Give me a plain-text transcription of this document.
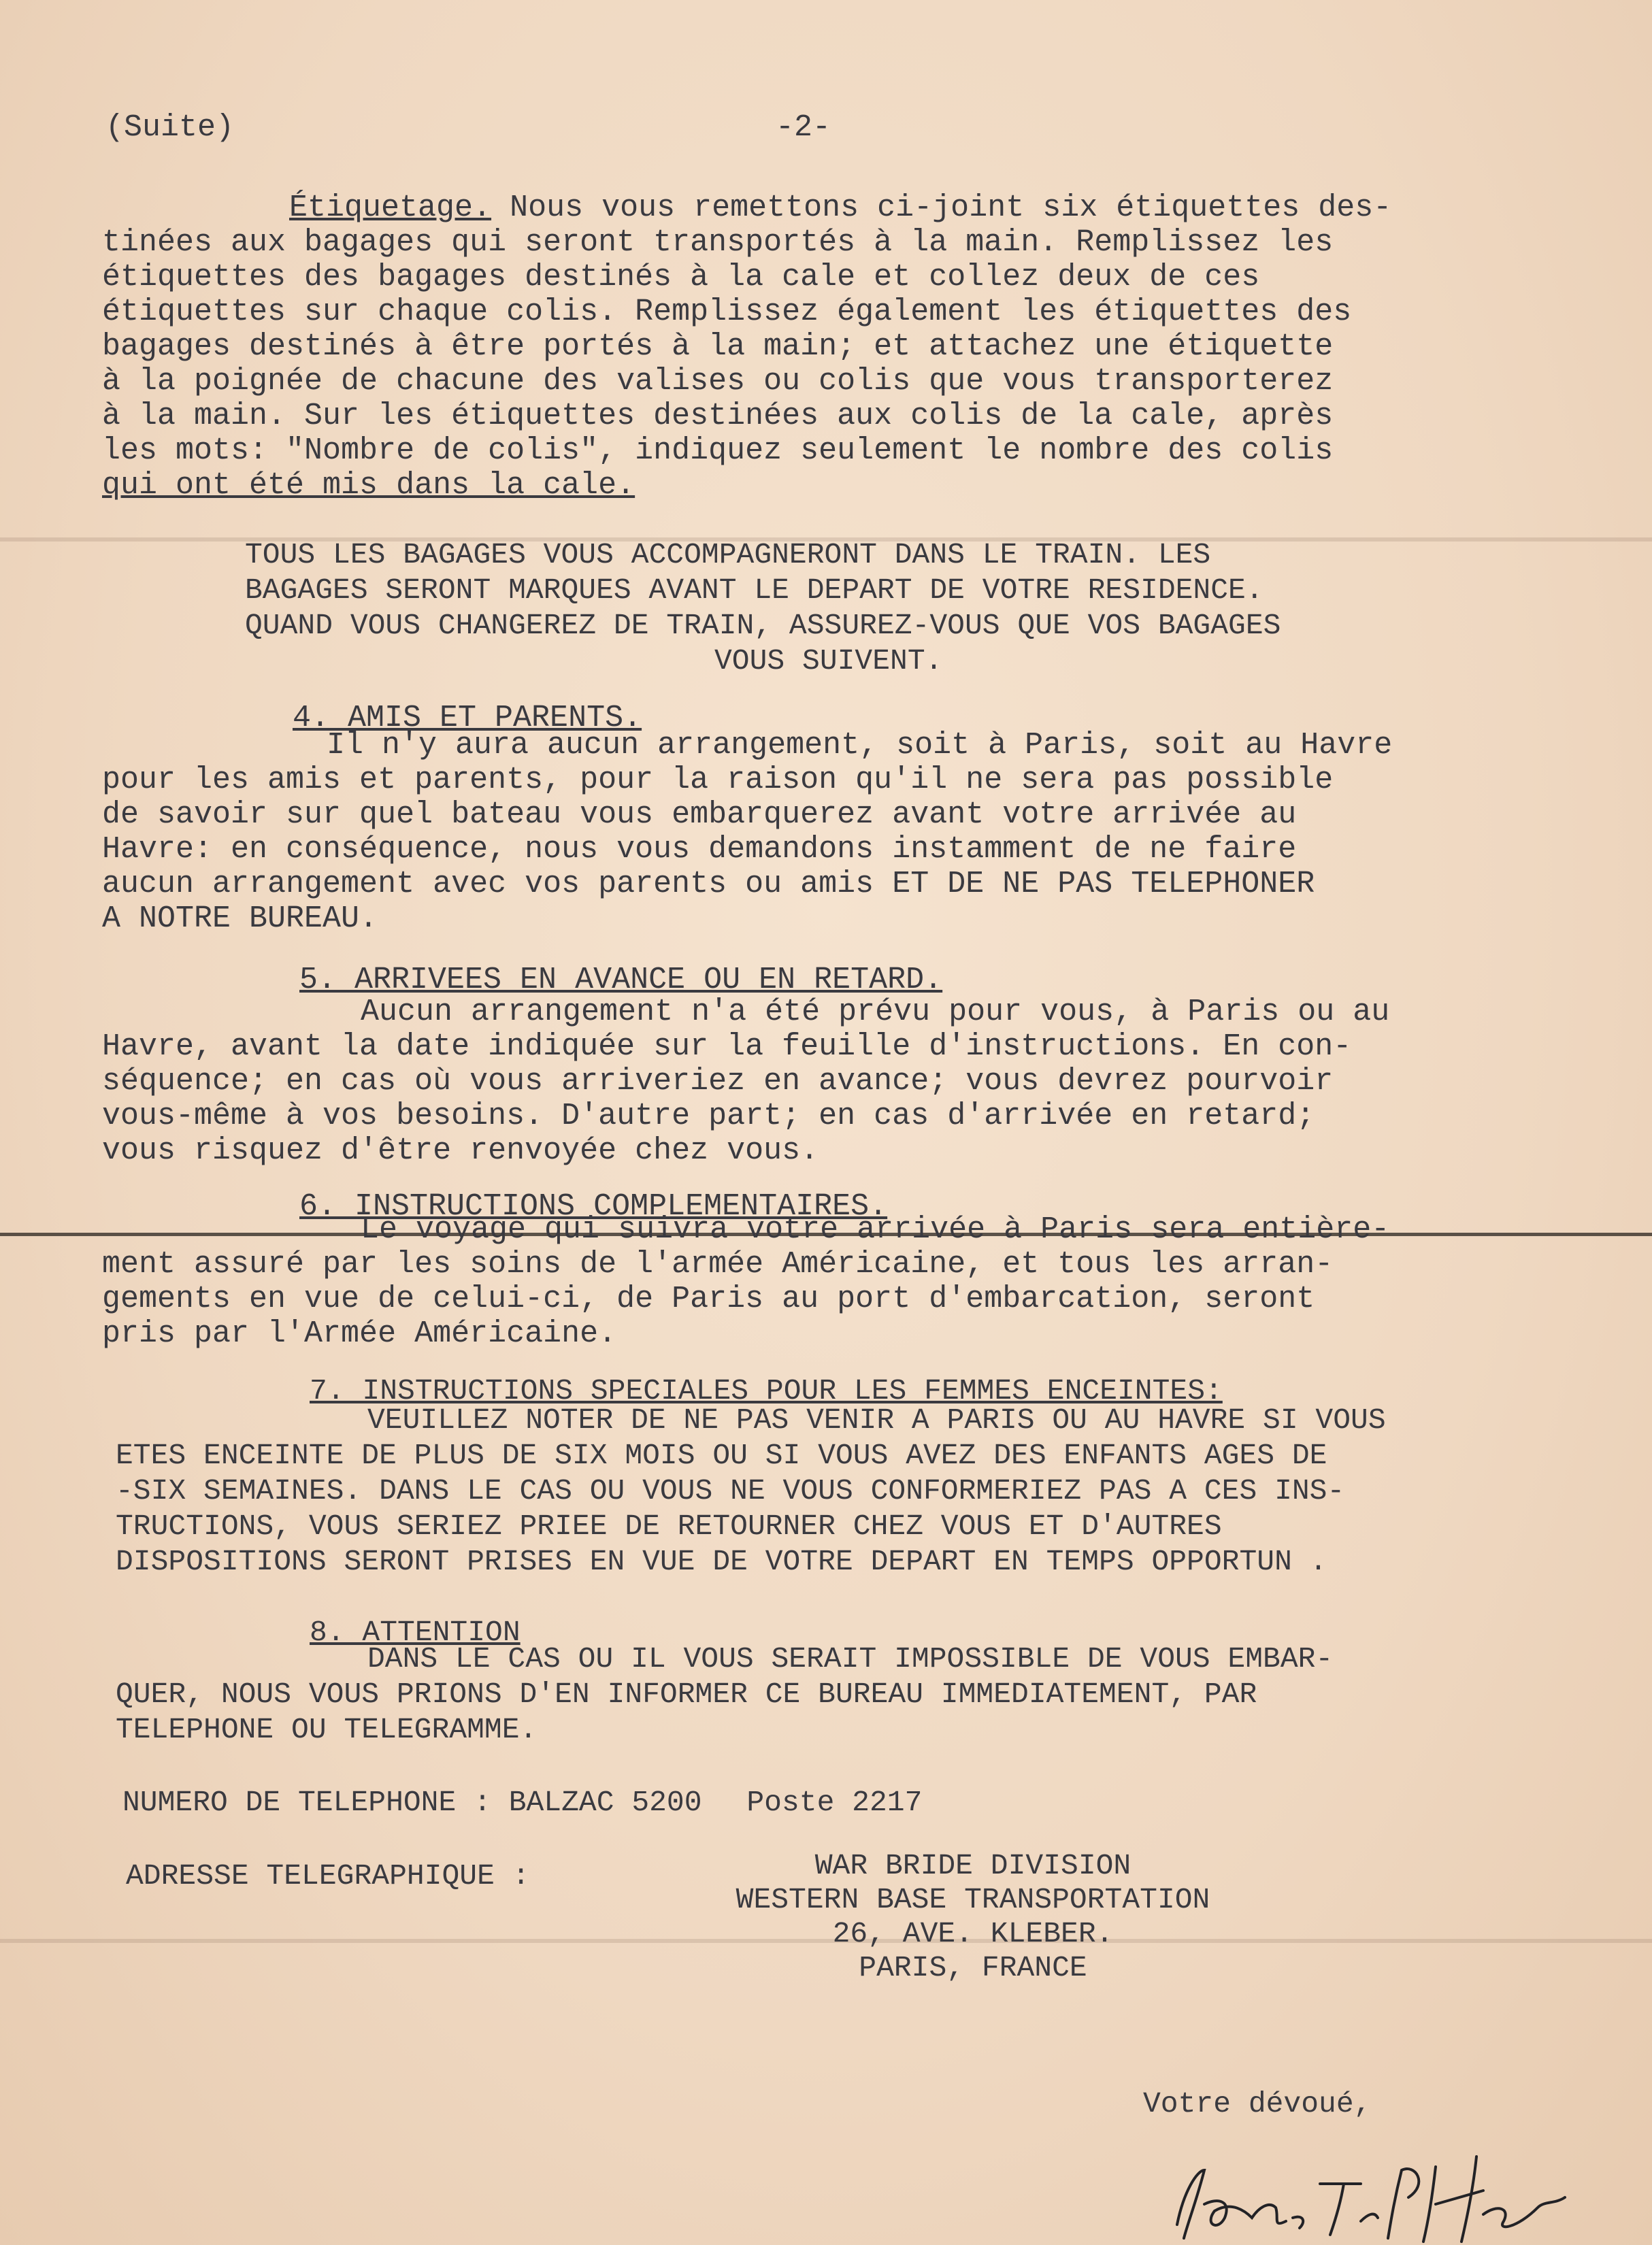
(Suite)	-2-
Étiquetage. Nous vous remettons ci-joint six étiquettes des-
tinées aux bagages qui seront transportés à la main. Remplissez les
étiquettes des bagages destinés à la cale et collez deux de ces
étiquettes sur chaque colis. Remplissez également les étiquettes des
bagages destinés à être portés à la main; et attachez une étiquette
à la poignée de chacune des valises ou colis que vous transporterez
à la main. Sur les étiquettes destinées aux colis de la cale, après
les mots: "Nombre de colis", indiquez seulement le nombre des colis
qui ont été mis dans la cale.
TOUS LES BAGAGES VOUS ACCOMPAGNERONT DANS LE TRAIN. LES
BAGAGES SERONT MARQUES AVANT LE DEPART DE VOTRE RESIDENCE.
QUAND VOUS CHANGEREZ DE TRAIN, ASSUREZ-VOUS QUE VOS BAGAGES
VOUS SUIVENT.
4. AMIS ET PARENTS.
Il n'y aura aucun arrangement, soit à Paris, soit au Havre
pour les amis et parents, pour la raison qu'il ne sera pas possible
de savoir sur quel bateau vous embarquerez avant votre arrivée au
Havre: en conséquence, nous vous demandons instamment de ne faire
aucun arrangement avec vos parents ou amis ET DE NE PAS TELEPHONER
A NOTRE BUREAU.
5. ARRIVEES EN AVANCE OU EN RETARD.
Aucun arrangement n'a été prévu pour vous, à Paris ou au
Havre, avant la date indiquée sur la feuille d'instructions. En con-
séquence; en cas où vous arriveriez en avance; vous devrez pourvoir
vous-même à vos besoins. D'autre part; en cas d'arrivée en retard;
vous risquez d'être renvoyée chez vous.
6. INSTRUCTIONS COMPLEMENTAIRES.
Le voyage qui suivra votre arrivée à Paris sera entière-
ment assuré par les soins de l'armée Américaine, et tous les arran-
gements en vue de celui-ci, de Paris au port d'embarcation, seront
pris par l'Armée Américaine.
7. INSTRUCTIONS SPECIALES POUR LES FEMMES ENCEINTES:
VEUILLEZ NOTER DE NE PAS VENIR A PARIS OU AU HAVRE SI VOUS
ETES ENCEINTE DE PLUS DE SIX MOIS OU SI VOUS AVEZ DES ENFANTS AGES DE
-SIX SEMAINES. DANS LE CAS OU VOUS NE VOUS CONFORMERIEZ PAS A CES INS-
TRUCTIONS, VOUS SERIEZ PRIEE DE RETOURNER CHEZ VOUS ET D'AUTRES
DISPOSITIONS SERONT PRISES EN VUE DE VOTRE DEPART EN TEMPS OPPORTUN .
8. ATTENTION
DANS LE CAS OU IL VOUS SERAIT IMPOSSIBLE DE VOUS EMBAR-
QUER, NOUS VOUS PRIONS D'EN INFORMER CE BUREAU IMMEDIATEMENT, PAR
TELEPHONE OU TELEGRAMME.
NUMERO DE TELEPHONE : BALZAC 5200 Poste 2217
ADRESSE TELEGRAPHIQUE :	WAR BRIDE DIVISION
WESTERN BASE TRANSPORTATION
26, AVE. KLEBER.
PARIS, FRANCE
Votre dévoué,
